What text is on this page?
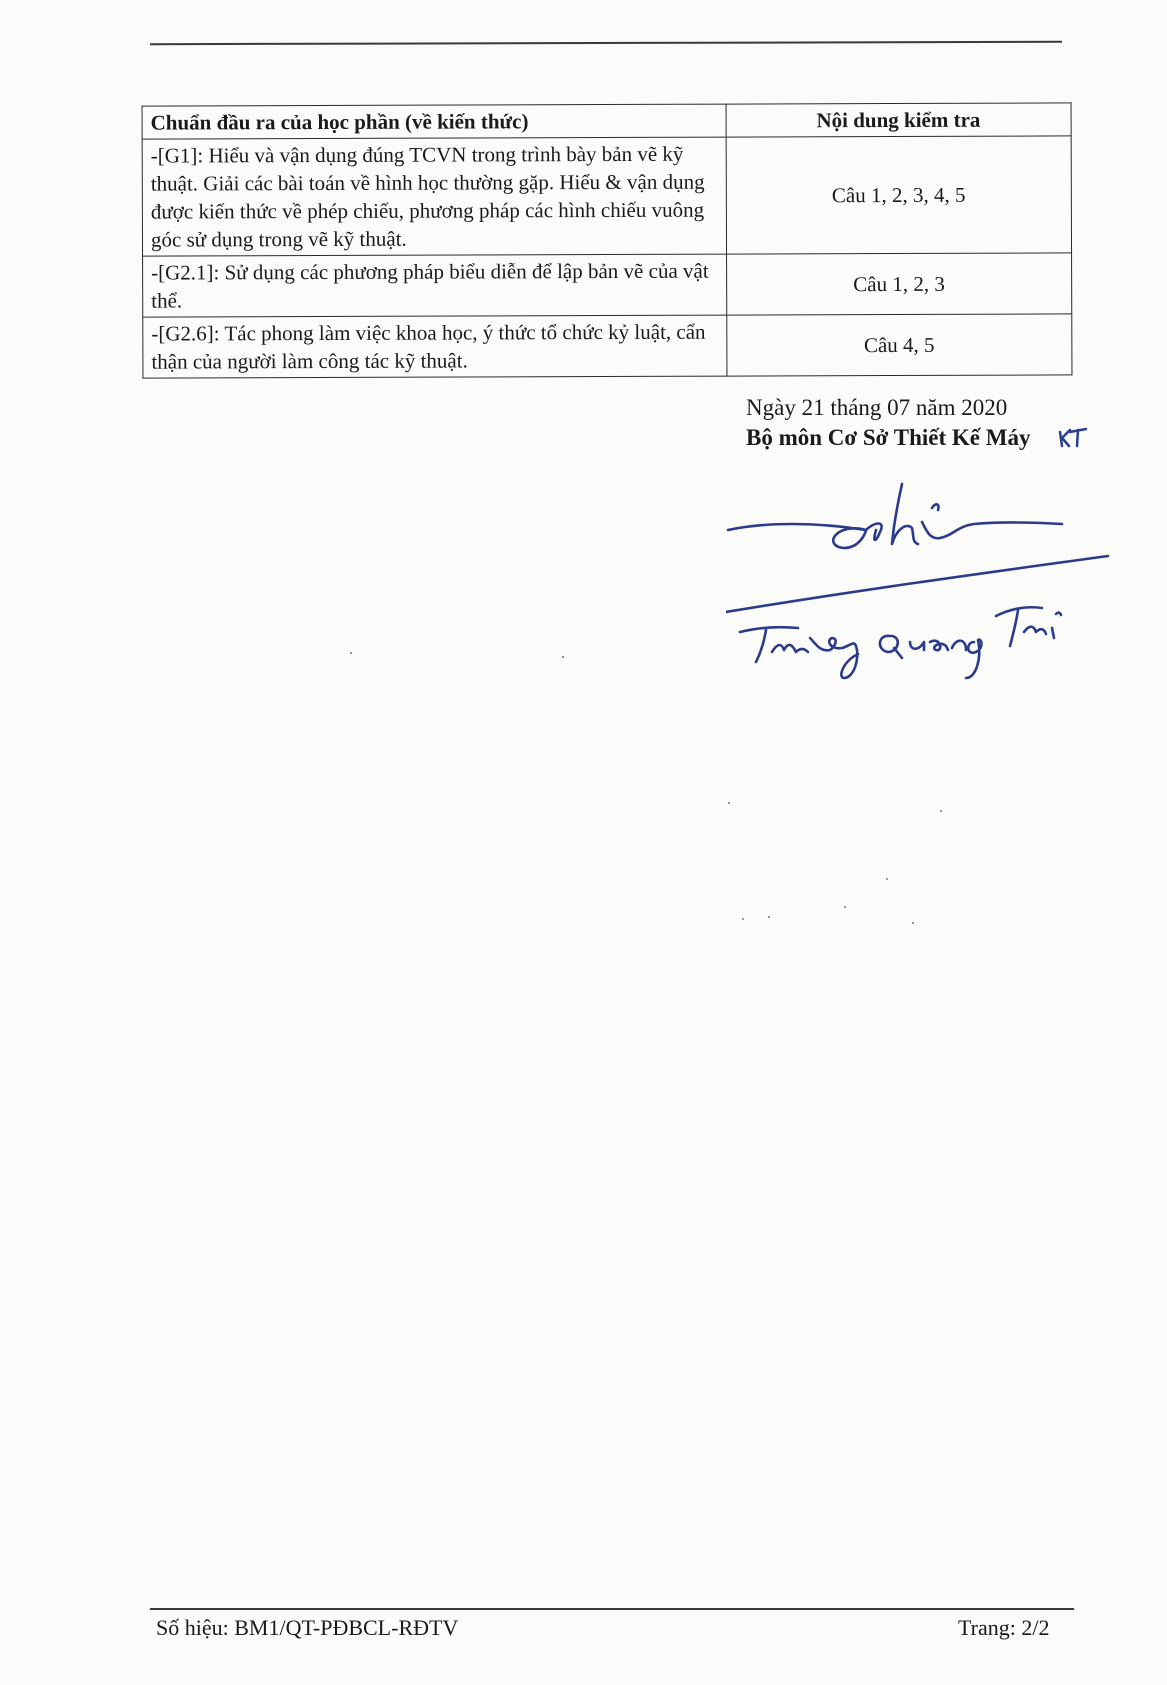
Chuẩn đầu ra của học phần (về kiến thức)	Nội dung kiểm tra
-[G1]: Hiểu và vận dụng đúng TCVN trong trình bày bản vẽ kỹ thuật. Giải các bài toán về hình học thường gặp. Hiểu & vận dụng được kiến thức về phép chiếu, phương pháp các hình chiếu vuông góc sử dụng trong vẽ kỹ thuật.	Câu 1, 2, 3, 4, 5
-[G2.1]: Sử dụng các phương pháp biểu diễn để lập bản vẽ của vật thể.	Câu 1, 2, 3
-[G2.6]: Tác phong làm việc khoa học, ý thức tổ chức kỷ luật, cẩn thận của người làm công tác kỹ thuật.	Câu 4, 5
Ngày 21 tháng 07 năm 2020
Bộ môn Cơ Sở Thiết Kế Máy
Số hiệu: BM1/QT-PĐBCL-RĐTV	Trang: 2/2
